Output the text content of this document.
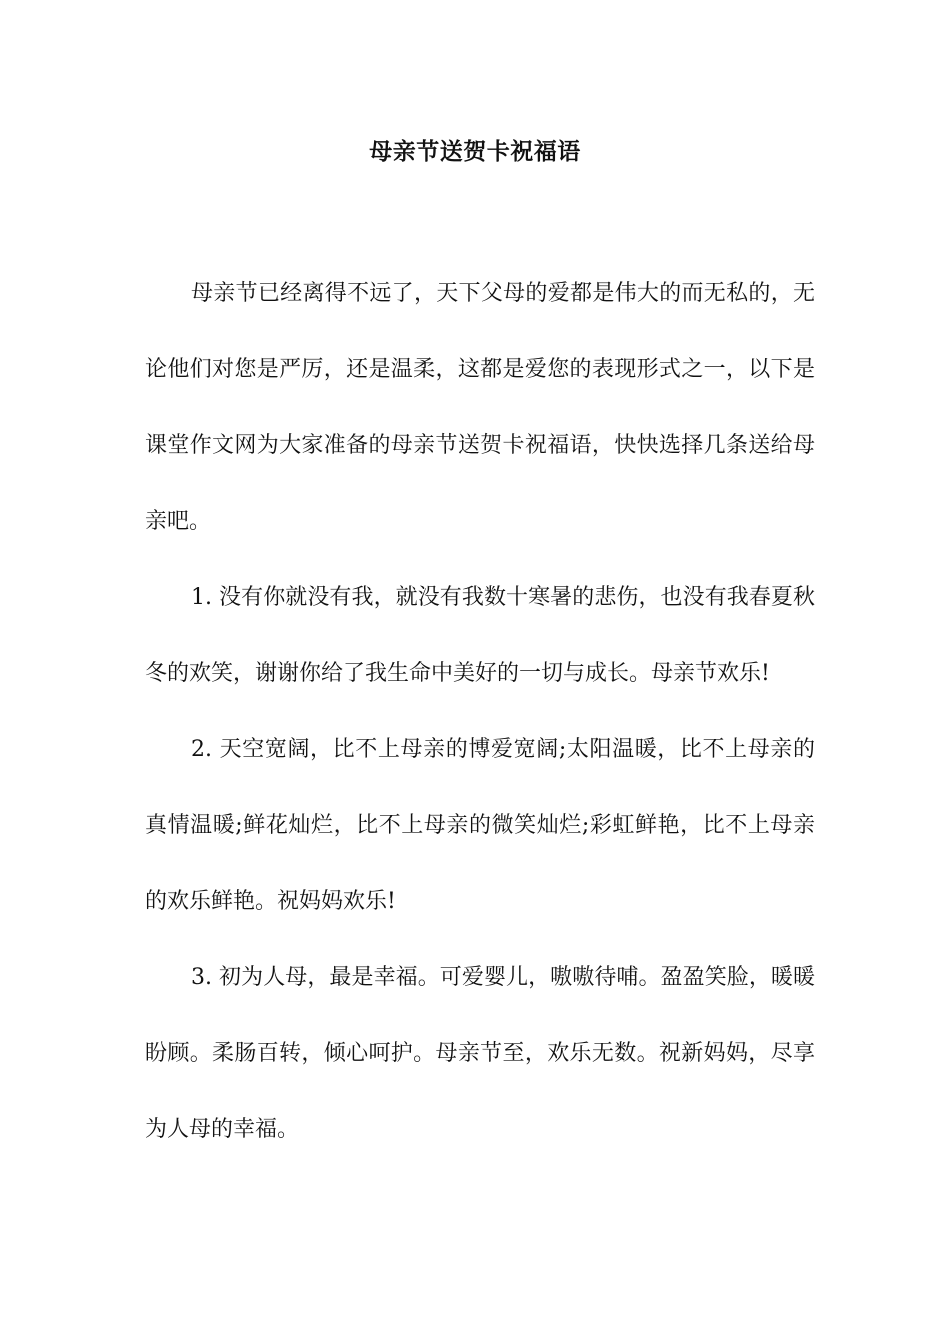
母亲节送贺卡祝福语

母亲节已经离得不远了，天下父母的爱都是伟大的而无私的，无论他们对您是严厉，还是温柔，这都是爱您的表现形式之一，以下是课堂作文网为大家准备的母亲节送贺卡祝福语，快快选择几条送给母亲吧。

1. 没有你就没有我，就没有我数十寒暑的悲伤，也没有我春夏秋冬的欢笑，谢谢你给了我生命中美好的一切与成长。母亲节欢乐!

2. 天空宽阔，比不上母亲的博爱宽阔;太阳温暖，比不上母亲的真情温暖;鲜花灿烂，比不上母亲的微笑灿烂;彩虹鲜艳，比不上母亲的欢乐鲜艳。祝妈妈欢乐!

3. 初为人母，最是幸福。可爱婴儿，嗷嗷待哺。盈盈笑脸，暖暖盼顾。柔肠百转，倾心呵护。母亲节至，欢乐无数。祝新妈妈，尽享为人母的幸福。
